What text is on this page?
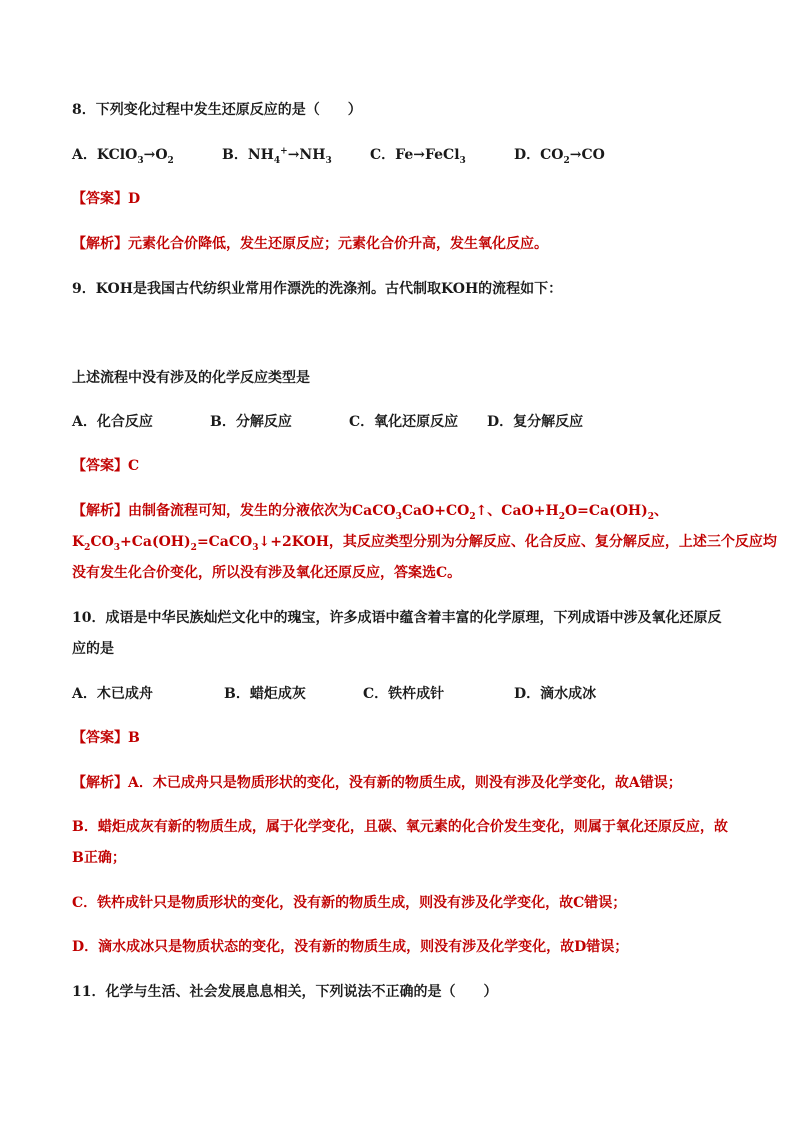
8．下列变化过程中发生还原反应的是（　　）
A．$KClO_3\to O_2$	B．$NH_4^+\to NH_3$	C．Fe→FeCl$_3$	D．$CO_2\to CO$
【答案】D
【解析】元素化合价降低，发生还原反应；元素化合价升高，发生氧化反应。
9．KOH是我国古代纺织业常用作漂洗的洗涤剂。古代制取KOH的流程如下：
上述流程中没有涉及的化学反应类型是
A．化合反应	B．分解反应	C．氧化还原反应 D．复分解反应
【答案】C
【解析】由制备流程可知，发生的分液依次为$CaCO_3CaO+CO_2↑$、$CaO+H_2O=Ca(OH)_2$、
$K_2CO_3+Ca(OH)_2=CaCO_3↓+2KOH$，其反应类型分别为分解反应、化合反应、复分解反应，上述三个反应均
没有发生化合价变化，所以没有涉及氧化还原反应，答案选C。
10．成语是中华民族灿烂文化中的瑰宝，许多成语中蕴含着丰富的化学原理，下列成语中涉及氧化还原反
应的是
A．木已成舟	B．蜡炬成灰	C．铁杵成针	D．滴水成冰
【答案】B
【解析】A．木已成舟只是物质形状的变化，没有新的物质生成，则没有涉及化学变化，故A错误；
B．蜡炬成灰有新的物质生成，属于化学变化，且碳、氧元素的化合价发生变化，则属于氧化还原反应，故
B正确；
C．铁杵成针只是物质形状的变化，没有新的物质生成，则没有涉及化学变化，故C错误；
D．滴水成冰只是物质状态的变化，没有新的物质生成，则没有涉及化学变化，故D错误；
11．化学与生活、社会发展息息相关，下列说法不正确的是（　　）
